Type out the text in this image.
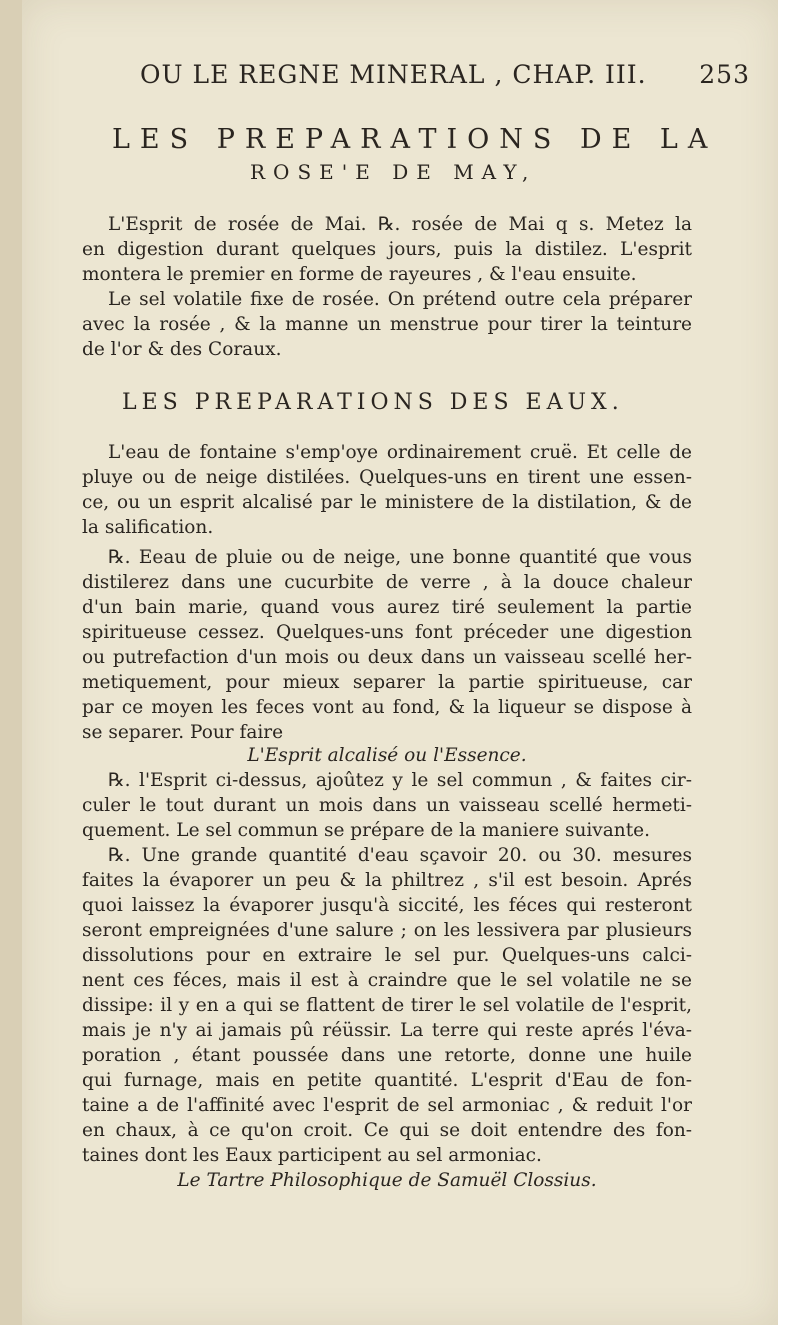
OU LE REGNE MINERAL , CHAP. III. 253
LES PREPARATIONS DE LA
ROSE'E DE MAY,
L'Esprit de rosée de Mai. ℞. rosée de Mai q s. Metez la
en digestion durant quelques jours, puis la distilez. L'esprit
montera le premier en forme de rayeures , & l'eau ensuite.
Le sel volatile fixe de rosée. On prétend outre cela préparer
avec la rosée , & la manne un menstrue pour tirer la teinture
de l'or & des Coraux.
LES PREPARATIONS DES EAUX.
L'eau de fontaine s'emp'oye ordinairement cruë. Et celle de
pluye ou de neige distilées. Quelques-uns en tirent une essen-
ce, ou un esprit alcalisé par le ministere de la distilation, & de
la salification.
℞. Eeau de pluie ou de neige, une bonne quantité que vous
distilerez dans une cucurbite de verre , à la douce chaleur
d'un bain marie, quand vous aurez tiré seulement la partie
spiritueuse cessez. Quelques-uns font préceder une digestion
ou putrefaction d'un mois ou deux dans un vaisseau scellé her-
metiquement, pour mieux separer la partie spiritueuse, car
par ce moyen les feces vont au fond, & la liqueur se dispose à
se separer. Pour faire
L'Esprit alcalisé ou l'Essence.
℞. l'Esprit ci-dessus, ajoûtez y le sel commun , & faites cir-
culer le tout durant un mois dans un vaisseau scellé hermeti-
quement. Le sel commun se prépare de la maniere suivante.
℞. Une grande quantité d'eau sçavoir 20. ou 30. mesures
faites la évaporer un peu & la philtrez , s'il est besoin. Aprés
quoi laissez la évaporer jusqu'à siccité, les féces qui resteront
seront empreignées d'une salure ; on les lessivera par plusieurs
dissolutions pour en extraire le sel pur. Quelques-uns calci-
nent ces féces, mais il est à craindre que le sel volatile ne se
dissipe: il y en a qui se flattent de tirer le sel volatile de l'esprit,
mais je n'y ai jamais pû réüssir. La terre qui reste aprés l'éva-
poration , étant poussée dans une retorte, donne une huile
qui furnage, mais en petite quantité. L'esprit d'Eau de fon-
taine a de l'affinité avec l'esprit de sel armoniac , & reduit l'or
en chaux, à ce qu'on croit. Ce qui se doit entendre des fon-
taines dont les Eaux participent au sel armoniac.
Le Tartre Philosophique de Samuël Clossius.
